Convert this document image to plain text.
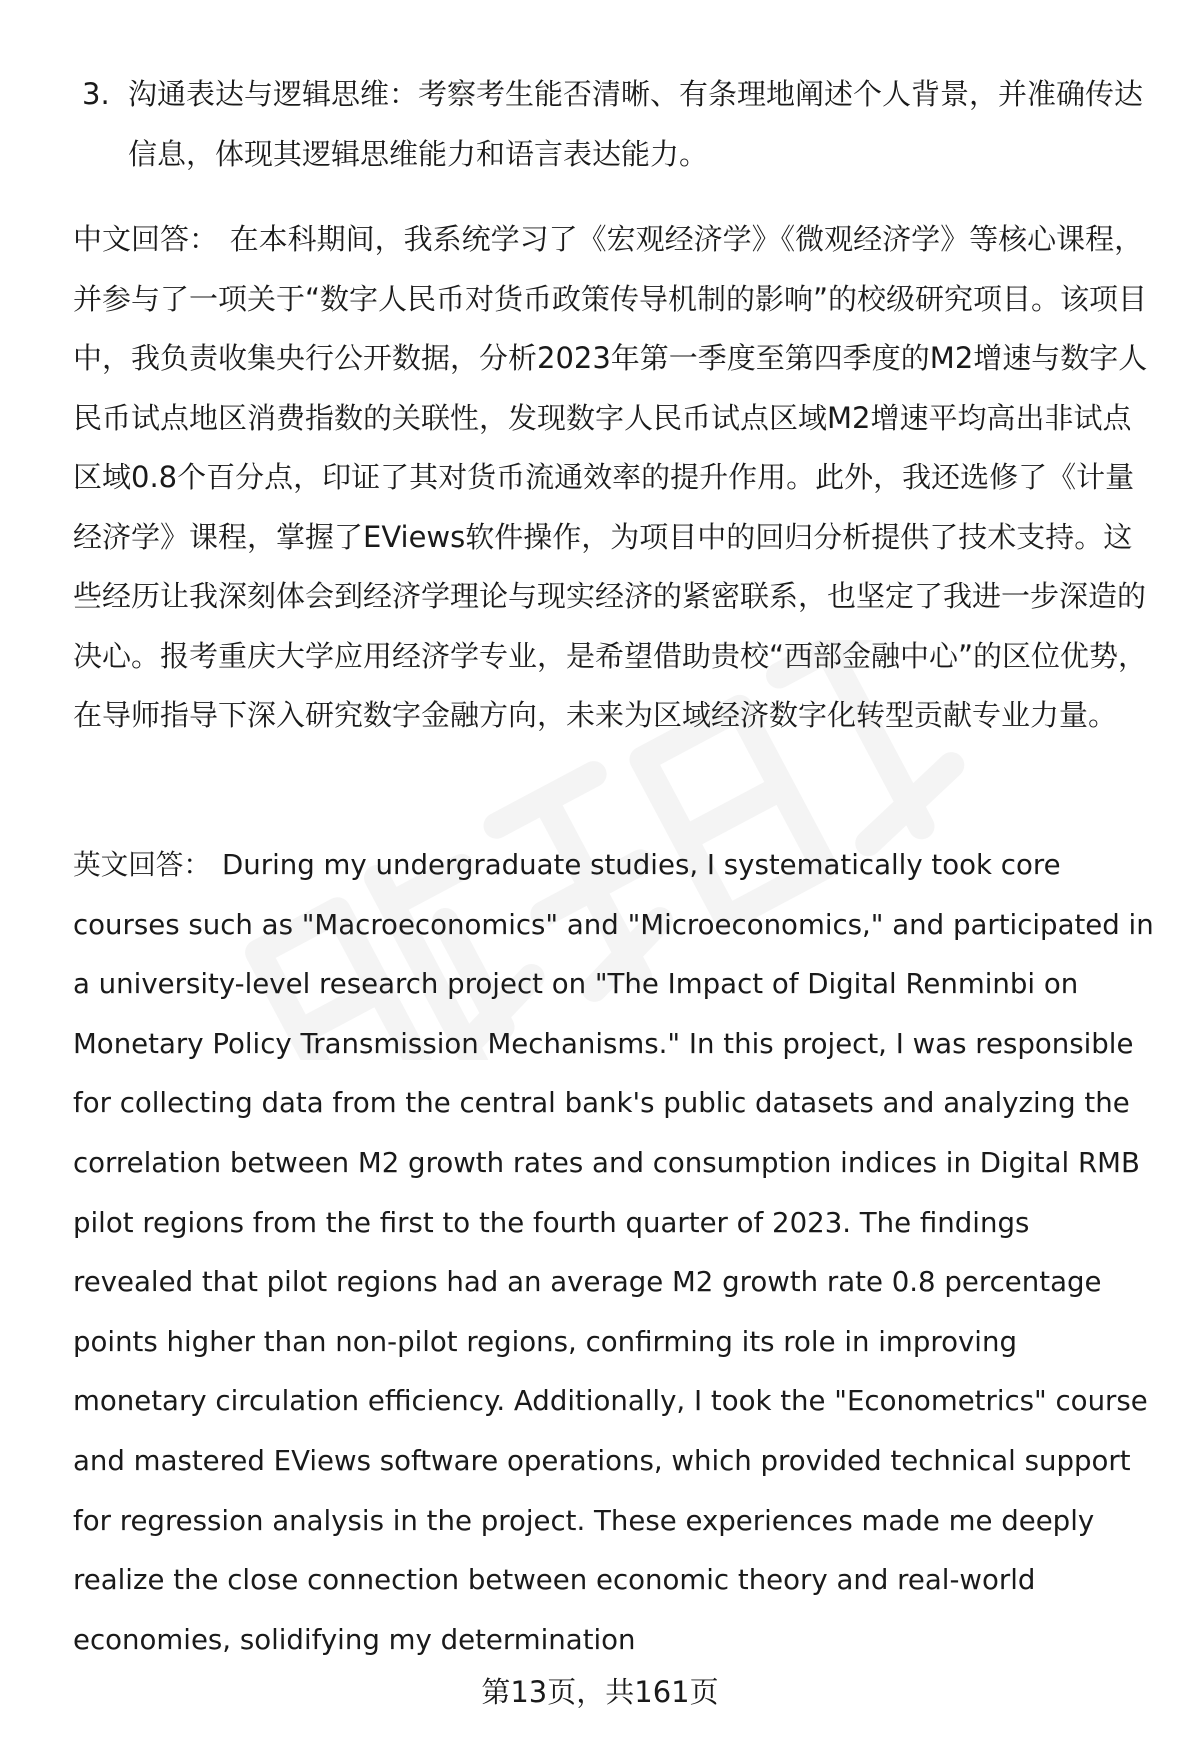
3. 沟通表达与逻辑思维：考察考生能否清晰、有条理地阐述个人背景，并准确传达信息，体现其逻辑思维能力和语言表达能力。
中文回答： 在本科期间，我系统学习了《宏观经济学》《微观经济学》等核心课程，并参与了一项关于“数字人民币对货币政策传导机制的影响”的校级研究项目。该项目中，我负责收集央行公开数据，分析2023年第一季度至第四季度的M2增速与数字人民币试点地区消费指数的关联性，发现数字人民币试点区域M2增速平均高出非试点区域0.8个百分点，印证了其对货币流通效率的提升作用。此外，我还选修了《计量经济学》课程，掌握了EViews软件操作，为项目中的回归分析提供了技术支持。这些经历让我深刻体会到经济学理论与现实经济的紧密联系，也坚定了我进一步深造的决心。报考重庆大学应用经济学专业，是希望借助贵校“西部金融中心”的区位优势，在导师指导下深入研究数字金融方向，未来为区域经济数字化转型贡献专业力量。
英文回答： During my undergraduate studies, I systematically took core courses such as "Macroeconomics" and "Microeconomics," and participated in a university-level research project on "The Impact of Digital Renminbi on Monetary Policy Transmission Mechanisms." In this project, I was responsible for collecting data from the central bank's public datasets and analyzing the correlation between M2 growth rates and consumption indices in Digital RMB pilot regions from the first to the fourth quarter of 2023. The findings revealed that pilot regions had an average M2 growth rate 0.8 percentage points higher than non-pilot regions, confirming its role in improving monetary circulation efficiency. Additionally, I took the "Econometrics" course and mastered EViews software operations, which provided technical support for regression analysis in the project. These experiences made me deeply realize the close connection between economic theory and real-world economies, solidifying my determination
第13页，共161页
